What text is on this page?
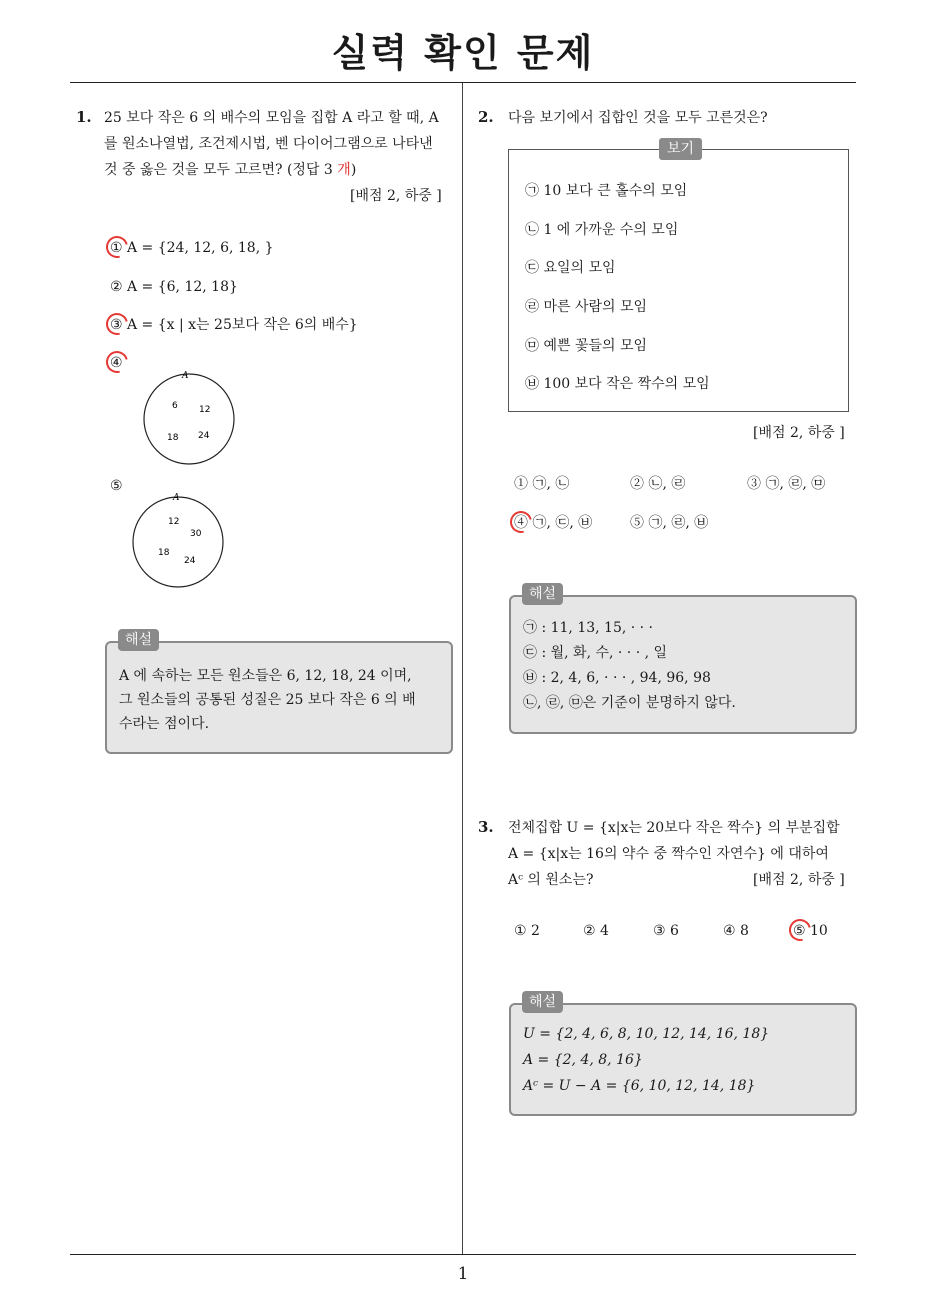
실력 확인 문제
1
1. 25 보다 작은 6 의 배수의 모임을 집합 A 라고 할 때, A
를 원소나열법, 조건제시법, 벤 다이어그램으로 나타낸
것 중 옳은 것을 모두 고르면? (정답 3 개)
[배점 2, 하중 ]
① A = {24, 12, 6, 18, }
② A = {6, 12, 18}
③ A = {x | x는 25보다 작은 6의 배수}
④
A
6 12
18 24
⑤
A
12
30
18
24
A 에 속하는 모든 원소들은 6, 12, 18, 24 이며,
그 원소들의 공통된 성질은 25 보다 작은 6 의 배
수라는 점이다.
해설
2. 다음 보기에서 집합인 것을 모두 고른것은?
㉠ 10 보다 큰 홀수의 모임
㉡ 1 에 가까운 수의 모임
㉢ 요일의 모임
㉣ 마른 사람의 모임
㉤ 예쁜 꽃들의 모임
㉥ 100 보다 작은 짝수의 모임
보기
[배점 2, 하중 ]
① ㉠, ㉡	② ㉡, ㉣	③ ㉠, ㉣, ㉤
④ ㉠, ㉢, ㉥	⑤ ㉠, ㉣, ㉥
㉠ : 11, 13, 15, · · ·
㉢ : 월, 화, 수, · · · , 일
㉥ : 2, 4, 6, · · · , 94, 96, 98
㉡, ㉣, ㉤은 기준이 분명하지 않다.
해설
3. 전체집합 U = {x|x는 20보다 작은 짝수} 의 부분집합
A = {x|x는 16의 약수 중 짝수인 자연수} 에 대하여
Aᶜ 의 원소는?	[배점 2, 하중 ]
① 2	② 4	③ 6	④ 8	⑤ 10
U = {2, 4, 6, 8, 10, 12, 14, 16, 18}
A = {2, 4, 8, 16}
Aᶜ = U − A = {6, 10, 12, 14, 18}
해설
